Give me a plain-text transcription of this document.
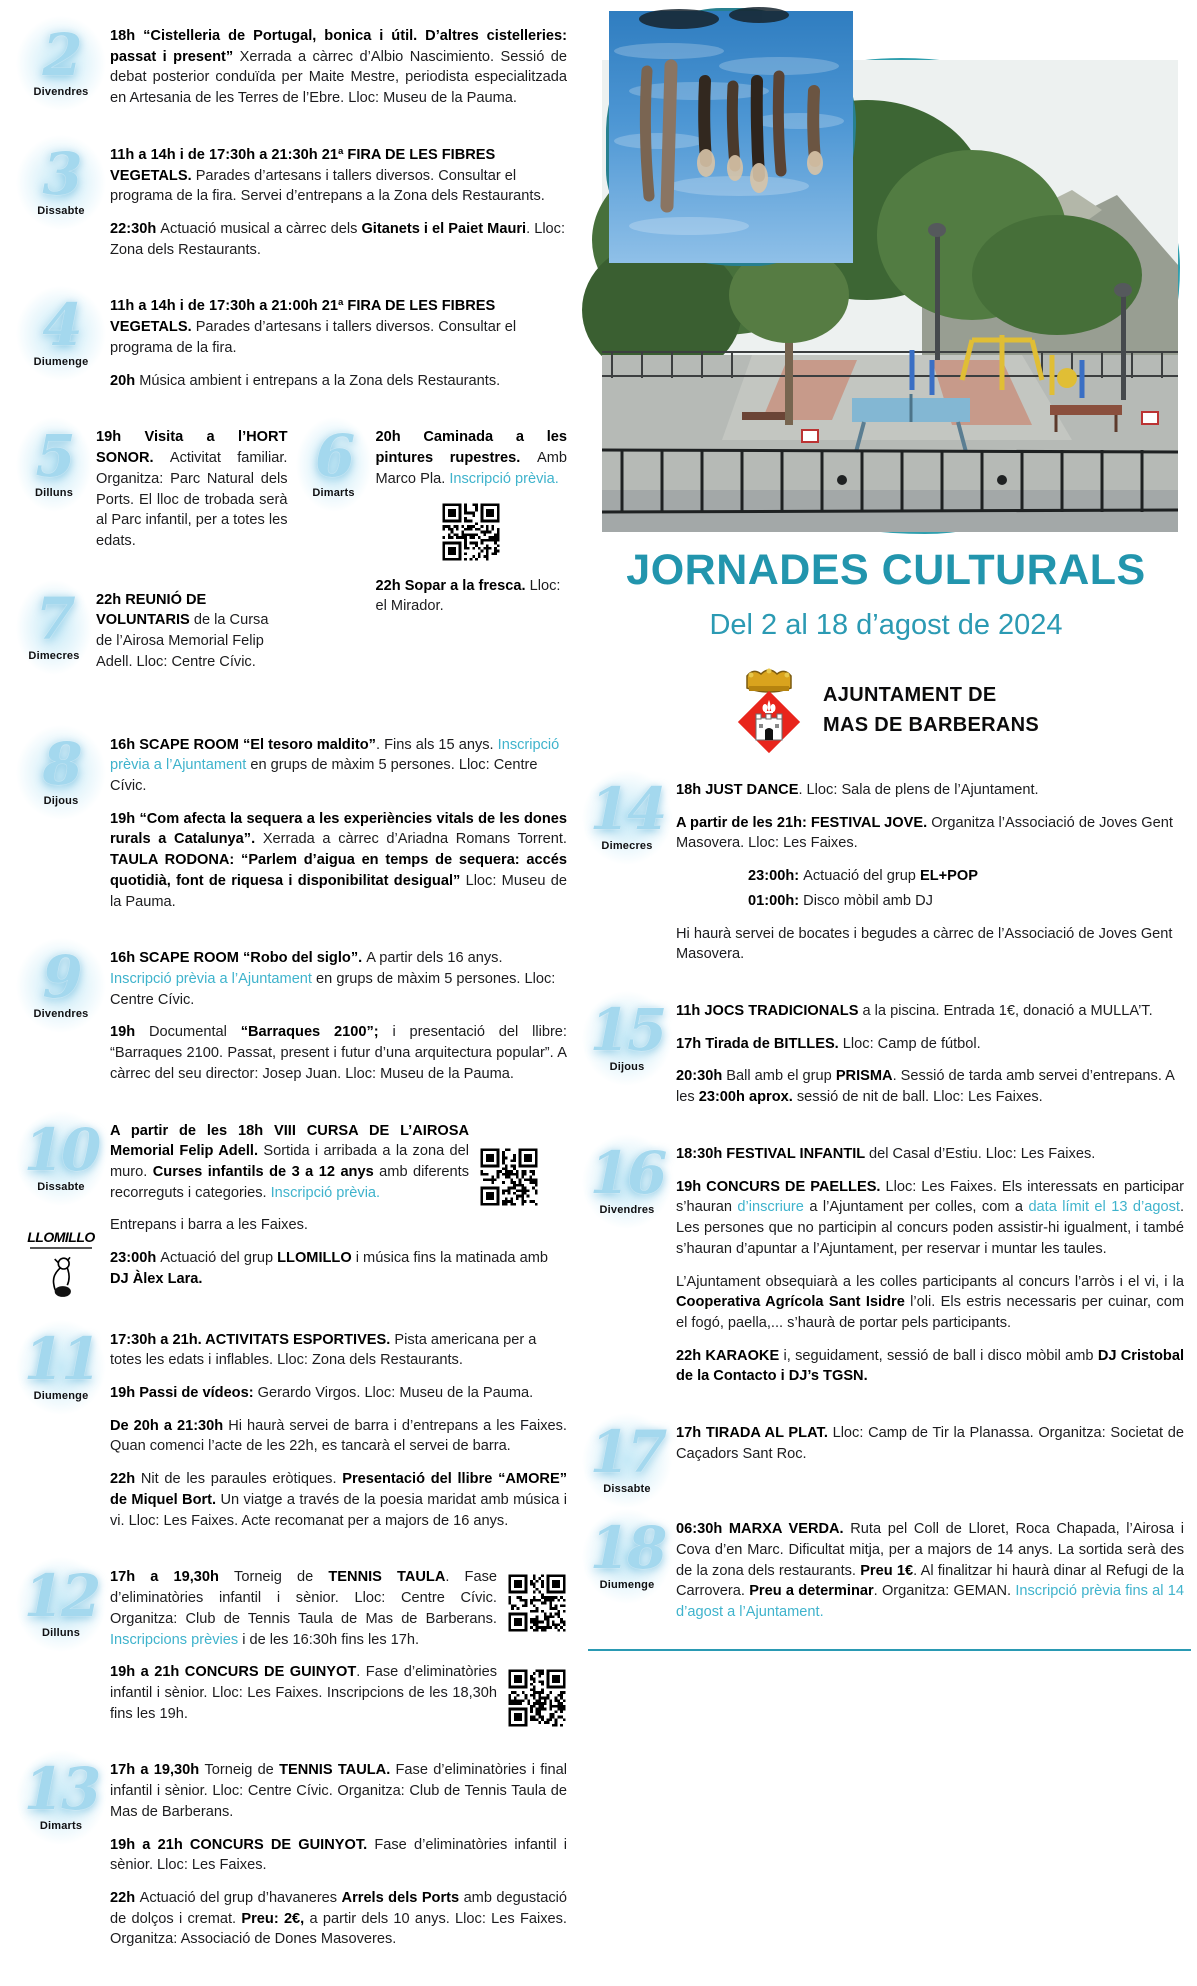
2
Divendres

18h “Cistelleria de Portugal, bonica i útil. D’altres cistelleries: passat i present” Xerrada a càrrec d’Albio Nascimiento. Sessió de debat posterior conduïda per Maite Mestre, periodista especialitzada en Artesania de les Terres de l’Ebre. Lloc: Museu de la Pauma.

3
Dissabte

11h a 14h i de 17:30h a 21:30h 21ª FIRA DE LES FIBRES VEGETALS. Parades d’artesans i tallers diversos. Consultar el programa de la fira. Servei d’entrepans a la Zona dels Restaurants.

22:30h Actuació musical a càrrec dels Gitanets i el Paiet Mauri. Lloc: Zona dels Restaurants.

4
Diumenge

11h a 14h i de 17:30h a 21:00h 21ª FIRA DE LES FIBRES VEGETALS. Parades d’artesans i tallers diversos. Consultar el programa de la fira.

20h Música ambient i entrepans a la Zona dels Restaurants.

5
Dilluns

19h Visita a l’HORT SONOR. Activitat familiar. Organitza: Parc Natural dels Ports. El lloc de trobada serà al Parc infantil, per a totes les edats.

7
Dimecres

22h REUNIÓ DE VOLUNTARIS de la Cursa de l’Airosa Memorial Felip Adell. Lloc: Centre Cívic.

6
Dimarts

20h Caminada a les pintures rupestres. Amb Marco Pla. Inscripció prèvia.

22h Sopar a la fresca. Lloc: el Mirador.

8
Dijous

16h SCAPE ROOM “El tesoro maldito”. Fins als 15 anys. Inscripció prèvia a l’Ajuntament en grups de màxim 5 persones. Lloc: Centre Cívic.

19h “Com afecta la sequera a les experiències vitals de les dones rurals a Catalunya”. Xerrada a càrrec d’Ariadna Romans Torrent. TAULA RODONA: “Parlem d’aigua en temps de sequera: accés quotidià, font de riquesa i disponibilitat desigual” Lloc: Museu de la Pauma.

9
Divendres

16h SCAPE ROOM “Robo del siglo”. A partir dels 16 anys. Inscripció prèvia a l’Ajuntament en grups de màxim 5 persones. Lloc: Centre Cívic.

19h Documental “Barraques 2100”; i presentació del llibre: “Barraques 2100. Passat, present i futur d’una arquitectura popular”. A càrrec del seu director: Josep Juan. Lloc: Museu de la Pauma.

10
Dissabte
LLOMILLO

A partir de les 18h VIII CURSA DE L’AIROSA Memorial Felip Adell. Sortida i arribada a la zona del muro. Curses infantils de 3 a 12 anys amb diferents recorreguts i categories. Inscripció prèvia.

Entrepans i barra a les Faixes.

23:00h Actuació del grup LLOMILLO i música fins la matinada amb DJ Àlex Lara.

11
Diumenge

17:30h a 21h. ACTIVITATS ESPORTIVES. Pista americana per a totes les edats i inflables. Lloc: Zona dels Restaurants.

19h Passi de vídeos: Gerardo Virgos. Lloc: Museu de la Pauma.

De 20h a 21:30h Hi haurà servei de barra i d’entrepans a les Faixes. Quan comenci l’acte de les 22h, es tancarà el servei de barra.

22h Nit de les paraules eròtiques. Presentació del llibre “AMORE” de Miquel Bort. Un viatge a través de la poesia maridat amb música i vi. Lloc: Les Faixes. Acte recomanat per a majors de 16 anys.

12
Dilluns

17h a 19,30h Torneig de TENNIS TAULA. Fase d’eliminatòries infantil i sènior. Lloc: Centre Cívic. Organitza: Club de Tennis Taula de Mas de Barberans. Inscripcions prèvies i de les 16:30h fins les 17h.

19h a 21h CONCURS DE GUINYOT. Fase d’eliminatòries infantil i sènior. Lloc: Les Faixes. Inscripcions de les 18,30h fins les 19h.

13
Dimarts

17h a 19,30h Torneig de TENNIS TAULA. Fase d’eliminatòries i final infantil i sènior. Lloc: Centre Cívic. Organitza: Club de Tennis Taula de Mas de Barberans.

19h a 21h CONCURS DE GUINYOT. Fase d’eliminatòries infantil i sènior. Lloc: Les Faixes.

22h Actuació del grup d’havaneres Arrels dels Ports amb degustació de dolços i cremat. Preu: 2€, a partir dels 10 anys. Lloc: Les Faixes. Organitza: Associació de Dones Masoveres.

JORNADES CULTURALS
Del 2 al 18 d’agost de 2024
AJUNTAMENT DE
MAS DE BARBERANS
14
Dimecres

18h JUST DANCE. Lloc: Sala de plens de l’Ajuntament.

A partir de les 21h: FESTIVAL JOVE. Organitza l’Associació de Joves Gent Masovera. Lloc: Les Faixes.

23:00h: Actuació del grup EL+POP

01:00h: Disco mòbil amb DJ

Hi haurà servei de bocates i begudes a càrrec de l’Associació de Joves Gent Masovera.

15
Dijous

11h JOCS TRADICIONALS a la piscina. Entrada 1€, donació a MULLA’T.

17h Tirada de BITLLES. Lloc: Camp de fútbol.

20:30h Ball amb el grup PRISMA. Sessió de tarda amb servei d’entrepans. A les 23:00h aprox. sessió de nit de ball. Lloc: Les Faixes.

16
Divendres

18:30h FESTIVAL INFANTIL del Casal d’Estiu. Lloc: Les Faixes.

19h CONCURS DE PAELLES. Lloc: Les Faixes. Els interessats en participar s’hauran d’inscriure a l’Ajuntament per colles, com a data límit el 13 d’agost. Les persones que no participin al concurs poden assistir-hi igualment, i també s’hauran d’apuntar a l’Ajuntament, per reservar i muntar les taules.

L’Ajuntament obsequiarà a les colles participants al concurs l’arròs i el vi, i la Cooperativa Agrícola Sant Isidre l’oli. Els estris necessaris per cuinar, com el fogó, paella,... s’haurà de portar pels participants.

22h KARAOKE i, seguidament, sessió de ball i disco mòbil amb DJ Cristobal de la Contacto i DJ’s TGSN.

17
Dissabte

17h TIRADA AL PLAT. Lloc: Camp de Tir la Planassa. Organitza: Societat de Caçadors Sant Roc.

18
Diumenge

06:30h MARXA VERDA. Ruta pel Coll de Lloret, Roca Chapada, l’Airosa i Cova d’en Marc. Dificultat mitja, per a majors de 14 anys. La sortida serà des de la zona dels restaurants. Preu 1€. Al finalitzar hi haurà dinar al Refugi de la Carrovera. Preu a determinar. Organitza: GEMAN. Inscripció prèvia fins al 14 d’agost a l’Ajuntament.
